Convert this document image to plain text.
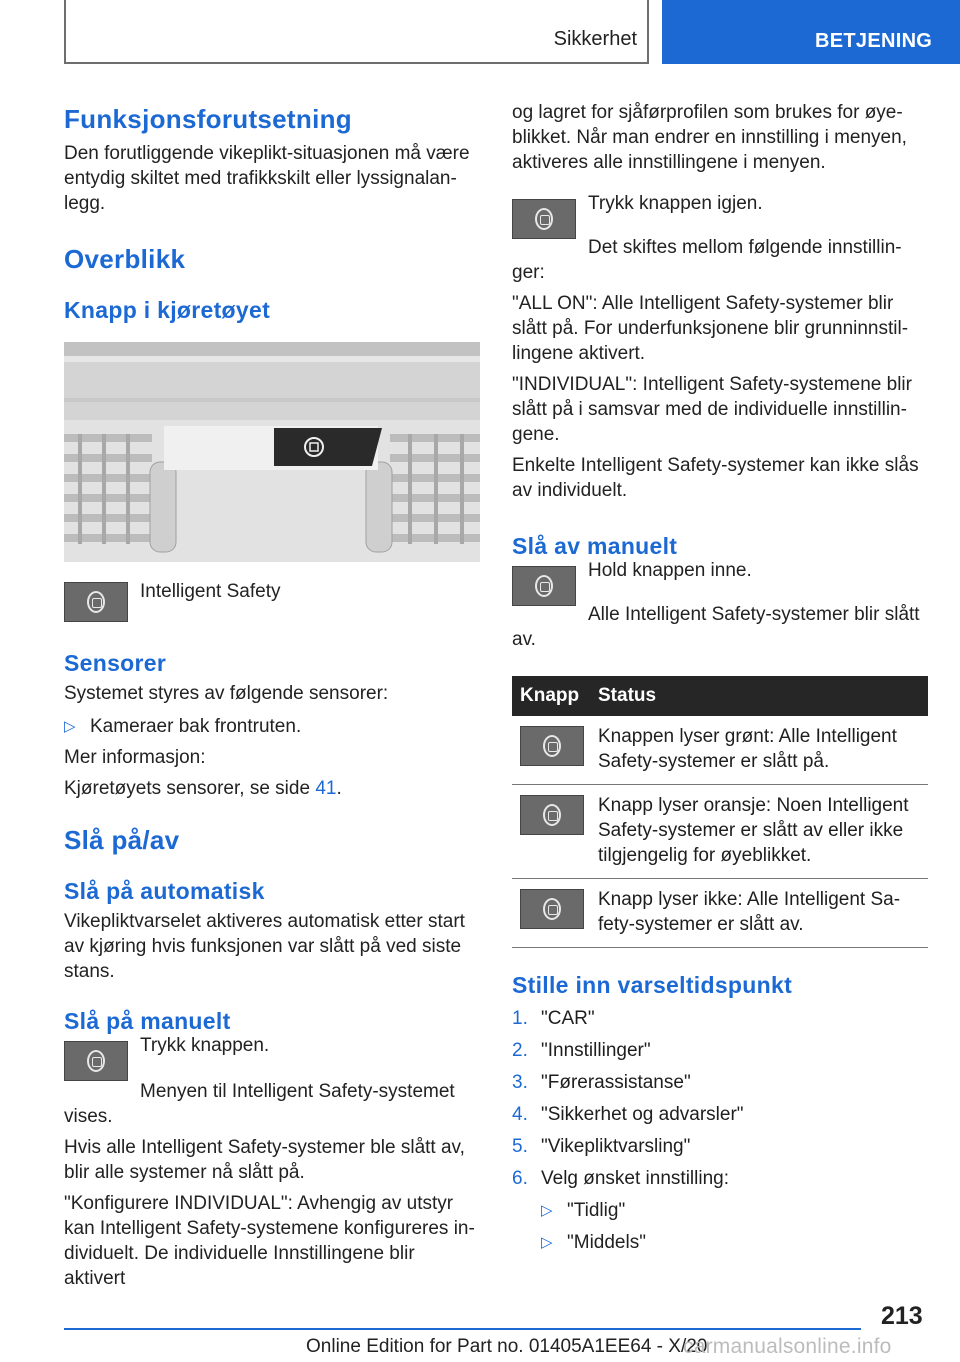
Sikkerhet	BETJENING
Funksjonsforutsetning

Den forutliggende vikeplikt-situasjonen må være entydig skiltet med trafikkskilt eller lyssignalanlegg.

Overblikk
Knapp i kjøretøyet

Intelligent Safety

Sensorer

Systemet styres av følgende sensorer:

▷ Kameraer bak frontruten.

Mer informasjon:

Kjøretøyets sensorer, se side 41.

Slå på/av
Slå på automatisk

Vikepliktvarselet aktiveres automatisk etter start av kjøring hvis funksjonen var slått på ved siste stans.

Slå på manuelt

Trykk knappen.

Menyen til Intelligent Safety-systemet vises.

Hvis alle Intelligent Safety-systemer ble slått av, blir alle systemer nå slått på.

"Konfigurere INDIVIDUAL": Avhengig av utstyr kan Intelligent Safety-systemene konfigureres individuelt. De individuelle Innstillingene blir aktivert

og lagret for sjåførprofilen som brukes for øyeblikket. Når man endrer en innstilling i menyen, aktiveres alle innstillingene i menyen.

Trykk knappen igjen.

Det skiftes mellom følgende innstillinger:

"ALL ON": Alle Intelligent Safety-systemer blir slått på. For underfunksjonene blir grunninnstillingene aktivert.

"INDIVIDUAL": Intelligent Safety-systemene blir slått på i samsvar med de individuelle innstillingene.

Enkelte Intelligent Safety-systemer kan ikke slås av individuelt.

Slå av manuelt

Hold knappen inne.

Alle Intelligent Safety-systemer blir slått av.

Knapp	Status

	Knappen lyser grønt: Alle Intelligent Safety-systemer er slått på.

	Knapp lyser oransje: Noen Intelligent Safety-systemer er slått av eller ikke tilgjengelig for øyeblikket.

	Knapp lyser ikke: Alle Intelligent Safety-systemer er slått av.
Stille inn varseltidspunkt
1. "CAR"
2. "Innstillinger"
3. "Førerassistanse"
4. "Sikkerhet og advarsler"
5. "Vikepliktvarsling"
6. Velg ønsket innstilling:
▷ "Tidlig"

▷ "Middels"

213
Online Edition for Part no. 01405A1EE64 - X/20
carmanualsonline.info
